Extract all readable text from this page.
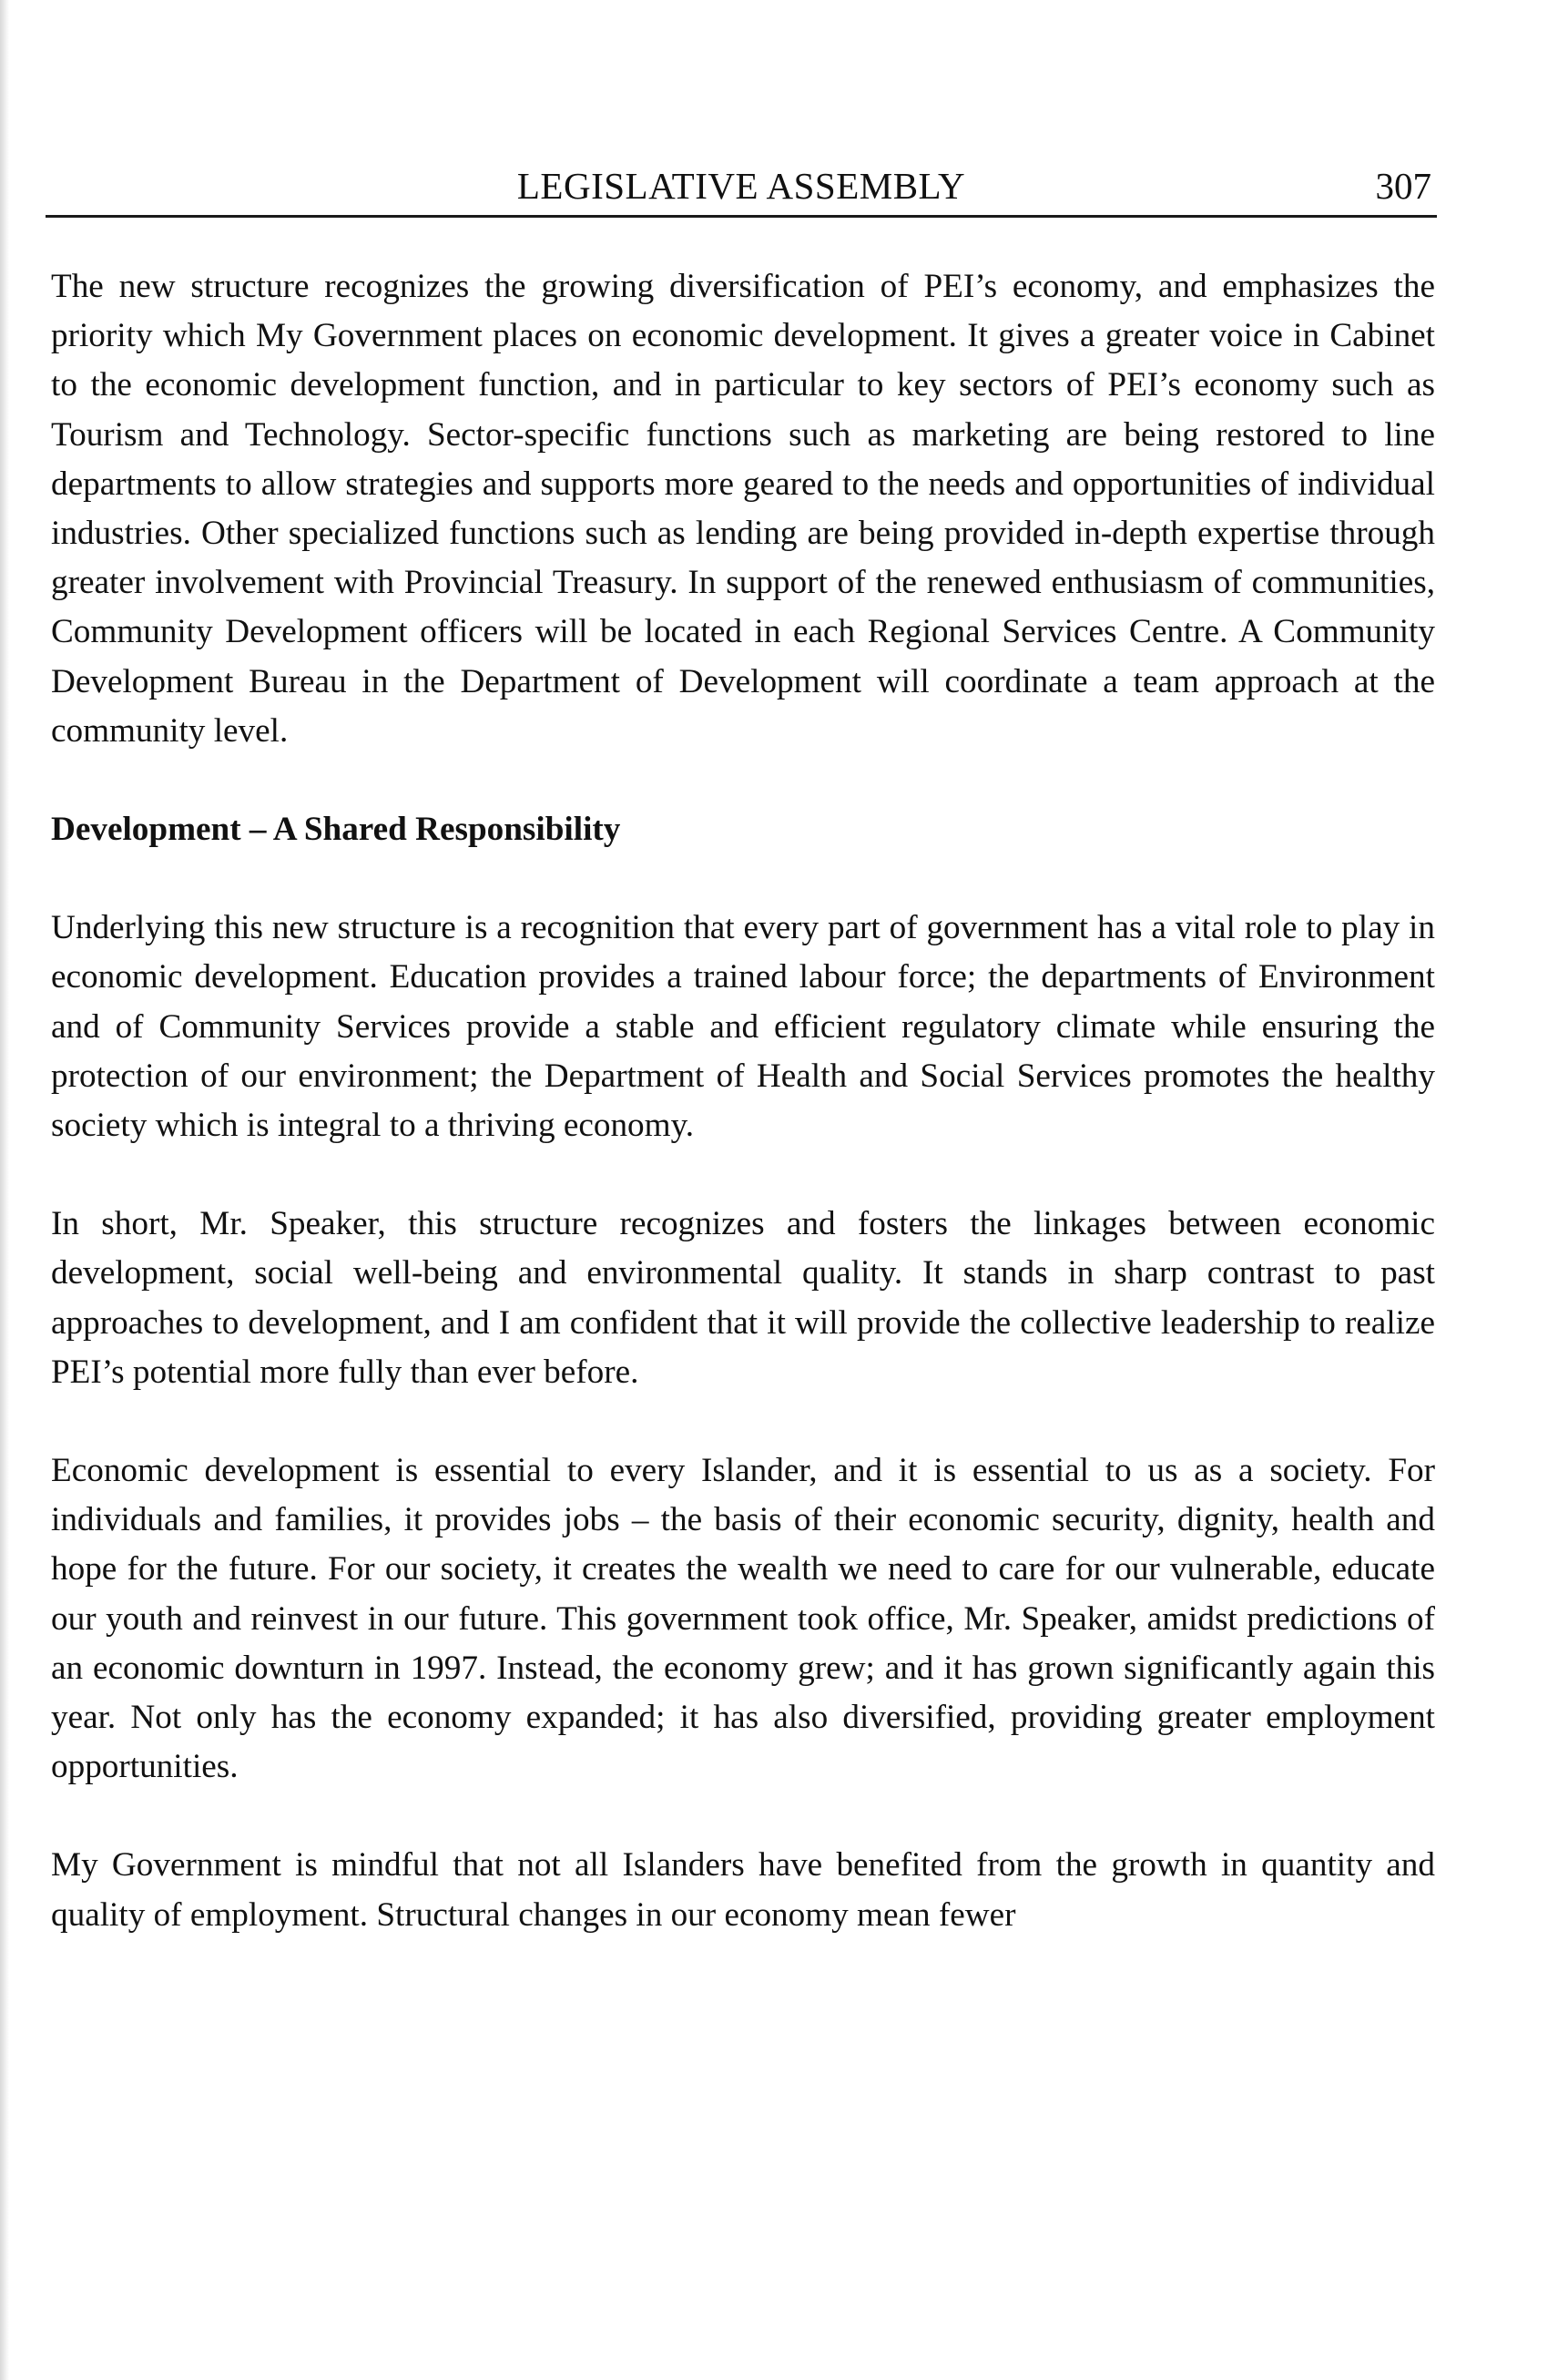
LEGISLATIVE ASSEMBLY	307

The new structure recognizes the growing diversification of PEI’s economy, and emphasizes the priority which My Government places on economic development. It gives a greater voice in Cabinet to the economic development function, and in particular to key sectors of PEI’s economy such as Tourism and Technology. Sector-specific functions such as marketing are being restored to line departments to allow strategies and supports more geared to the needs and opportunities of individual industries. Other specialized functions such as lending are being provided in-depth expertise through greater involvement with Provincial Treasury. In support of the renewed enthusiasm of communities, Community Development officers will be located in each Regional Services Centre. A Community Development Bureau in the Department of Development will coordinate a team approach at the community level.

Development – A Shared Responsibility

Underlying this new structure is a recognition that every part of government has a vital role to play in economic development. Education provides a trained labour force; the departments of Environment and of Community Services provide a stable and efficient regulatory climate while ensuring the protection of our environment; the Department of Health and Social Services promotes the healthy society which is integral to a thriving economy.

In short, Mr. Speaker, this structure recognizes and fosters the linkages between economic development, social well-being and environmental quality. It stands in sharp contrast to past approaches to development, and I am confident that it will provide the collective leadership to realize PEI’s potential more fully than ever before.

Economic development is essential to every Islander, and it is essential to us as a society. For individuals and families, it provides jobs – the basis of their economic security, dignity, health and hope for the future. For our society, it creates the wealth we need to care for our vulnerable, educate our youth and reinvest in our future. This government took office, Mr. Speaker, amidst predictions of an economic downturn in 1997. Instead, the economy grew; and it has grown significantly again this year. Not only has the economy expanded; it has also diversified, providing greater employment opportunities.

My Government is mindful that not all Islanders have benefited from the growth in quantity and quality of employment. Structural changes in our economy mean fewer
